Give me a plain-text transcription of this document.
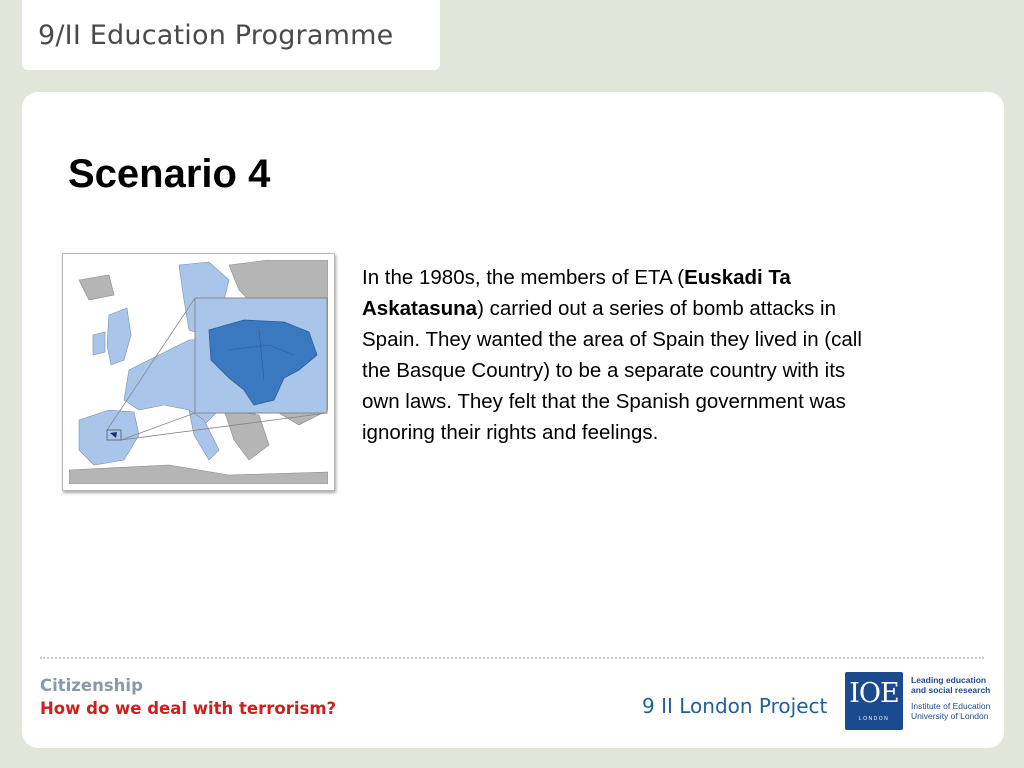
9/II Education Programme
Scenario 4

In the 1980s, the members of ETA (Euskadi Ta Askatasuna) carried out a series of bomb attacks in Spain. They wanted the area of Spain they lived in (call the Basque Country) to be a separate country with its own laws. They felt that the Spanish government was ignoring their rights and feelings.

Citizenship
How do we deal with terrorism?	9 II London Project IOE
LONDON
Leading education and social research
Institute of Education University of London
